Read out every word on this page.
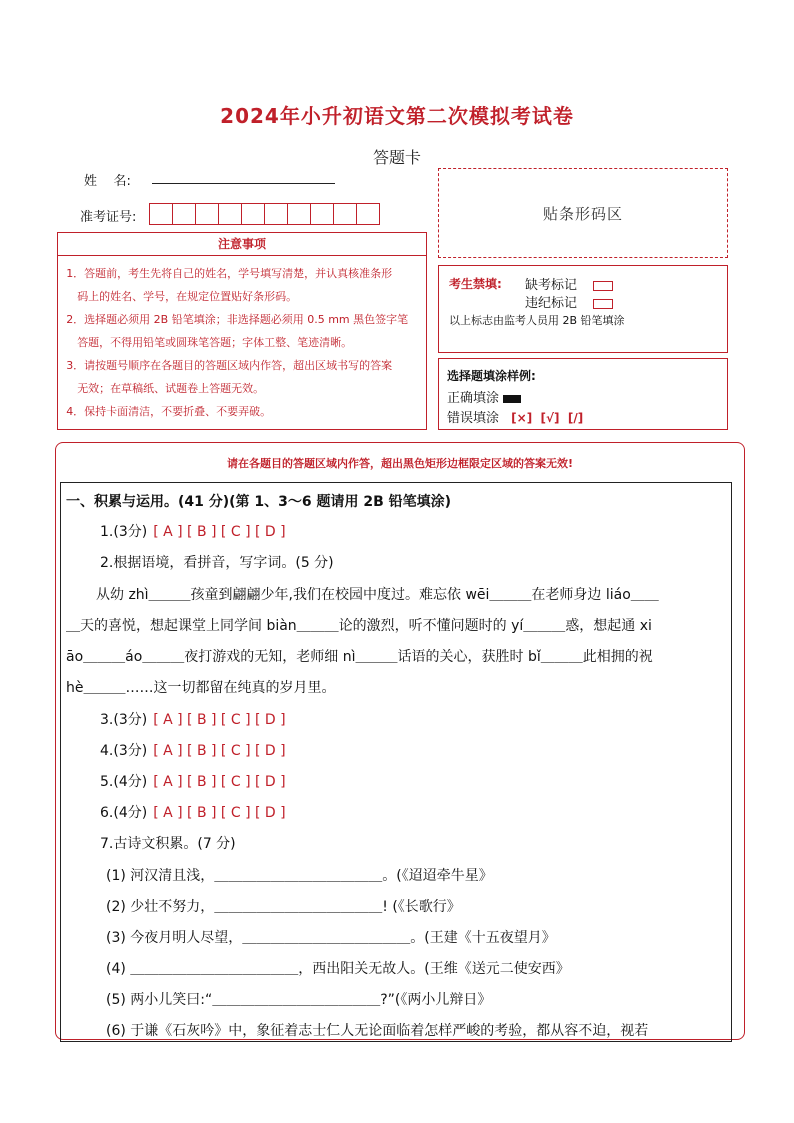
2024年小升初语文第二次模拟考试卷
答题卡
姓    名:
准考证号:	贴条形码区
注意事项
1．答题前，考生先将自己的姓名，学号填写清楚，并认真核准条形
码上的姓名、学号，在规定位置贴好条形码。
2．选择题必须用 2B 铅笔填涂；非选择题必须用 0.5 mm 黑色签字笔
答题，不得用铅笔或圆珠笔答题；字体工整、笔迹清晰。
3．请按题号顺序在各题目的答题区域内作答，超出区域书写的答案
无效；在草稿纸、试题卷上答题无效。
4．保持卡面清洁，不要折叠、不要弄破。
考生禁填: 缺考标记
违纪标记
以上标志由监考人员用 2B 铅笔填涂
选择题填涂样例:
正确填涂
错误填涂 [×]  [√]  [/]
请在各题目的答题区域内作答，超出黑色矩形边框限定区域的答案无效!
一、积累与运用。(41 分)(第 1、3～6 题请用 2B 铅笔填涂)
1.(3分) [ A ] [ B ] [ C ] [ D ]
2.根据语境，看拼音，写字词。(5 分)
从幼 zhì＿＿＿孩童到翩翩少年,我们在校园中度过。难忘依 wēi＿＿＿在老师身边 liáo＿＿
＿天的喜悦，想起课堂上同学间 biàn＿＿＿论的激烈，听不懂问题时的 yí＿＿＿惑，想起通 xi
āo＿＿＿áo＿＿＿夜打游戏的无知，老师细 nì＿＿＿话语的关心，获胜时 bǐ＿＿＿此相拥的祝
hè＿＿＿……这一切都留在纯真的岁月里。
3.(3分) [ A ] [ B ] [ C ] [ D ]
4.(3分) [ A ] [ B ] [ C ] [ D ]
5.(4分) [ A ] [ B ] [ C ] [ D ]
6.(4分) [ A ] [ B ] [ C ] [ D ]
7.古诗文积累。(7 分)
(1) 河汉清且浅，＿＿＿＿＿＿＿＿＿＿＿＿。(《迢迢牵牛星》
(2) 少壮不努力，＿＿＿＿＿＿＿＿＿＿＿＿! (《长歌行》
(3) 今夜月明人尽望，＿＿＿＿＿＿＿＿＿＿＿＿。(王建《十五夜望月》
(4) ＿＿＿＿＿＿＿＿＿＿＿＿，西出阳关无故人。(王维《送元二使安西》
(5) 两小儿笑曰:“＿＿＿＿＿＿＿＿＿＿＿＿?”(《两小儿辩日》
(6) 于谦《石灰吟》中，象征着志士仁人无论面临着怎样严峻的考验，都从容不迫，视若
